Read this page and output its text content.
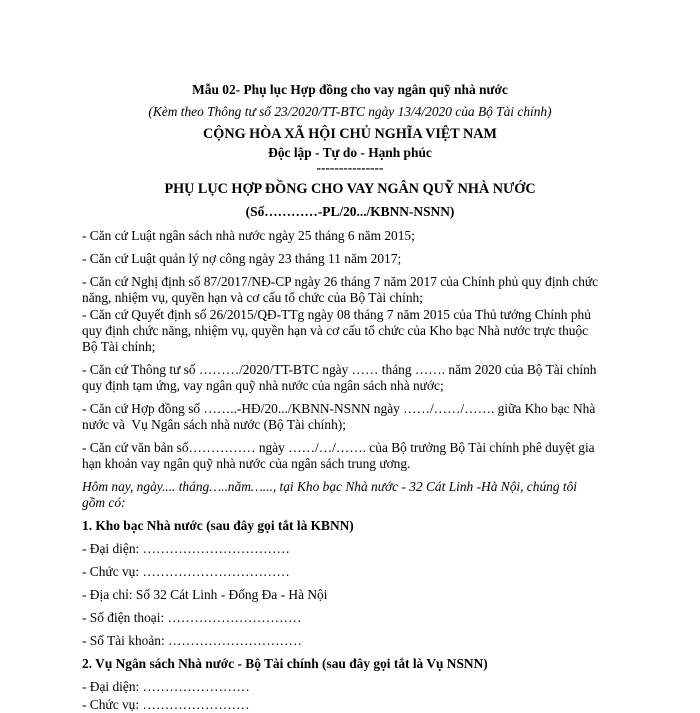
Mẫu 02- Phụ lục Hợp đồng cho vay ngân quỹ nhà nước
(Kèm theo Thông tư số 23/2020/TT-BTC ngày 13/4/2020 của Bộ Tài chính)
CỘNG HÒA XÃ HỘI CHỦ NGHĨA VIỆT NAM
Độc lập - Tự do - Hạnh phúc
---------------
PHỤ LỤC HỢP ĐỒNG CHO VAY NGÂN QUỸ NHÀ NƯỚC
(Số…………-PL/20.../KBNN-NSNN)
- Căn cứ Luật ngân sách nhà nước ngày 25 tháng 6 năm 2015;
- Căn cứ Luật quản lý nợ công ngày 23 tháng 11 năm 2017;
- Căn cứ Nghị định số 87/2017/NĐ-CP ngày 26 tháng 7 năm 2017 của Chính phủ quy định chức
năng, nhiệm vụ, quyền hạn và cơ cấu tổ chức của Bộ Tài chính;
- Căn cứ Quyết định số 26/2015/QĐ-TTg ngày 08 tháng 7 năm 2015 của Thủ tướng Chính phủ
quy định chức năng, nhiệm vụ, quyền hạn và cơ cấu tổ chức của Kho bạc Nhà nước trực thuộc
Bộ Tài chính;
- Căn cứ Thông tư số ………/2020/TT-BTC ngày …… tháng ……. năm 2020 của Bộ Tài chính
quy định tạm ứng, vay ngân quỹ nhà nước của ngân sách nhà nước;
- Căn cứ Hợp đồng số ……..-HĐ/20.../KBNN-NSNN ngày ……/……/……. giữa Kho bạc Nhà
nước và  Vụ Ngân sách nhà nước (Bộ Tài chính);
- Căn cứ văn bản số…………… ngày ……/…/……. của Bộ trưởng Bộ Tài chính phê duyệt gia
hạn khoản vay ngân quỹ nhà nước của ngân sách trung ương.
Hôm nay, ngày.... tháng…..năm…..., tại Kho bạc Nhà nước - 32 Cát Linh -Hà Nội, chúng tôi
gồm có:
1. Kho bạc Nhà nước (sau đây gọi tắt là KBNN)
- Đại diện: ……………………………
- Chức vụ: ……………………………
- Địa chỉ: Số 32 Cát Linh - Đống Đa - Hà Nội
- Số điện thoại: …………………………
- Số Tài khoản: …………………………
2. Vụ Ngân sách Nhà nước - Bộ Tài chính (sau đây gọi tắt là Vụ NSNN)
- Đại diện: ……………………
- Chức vụ: ……………………
